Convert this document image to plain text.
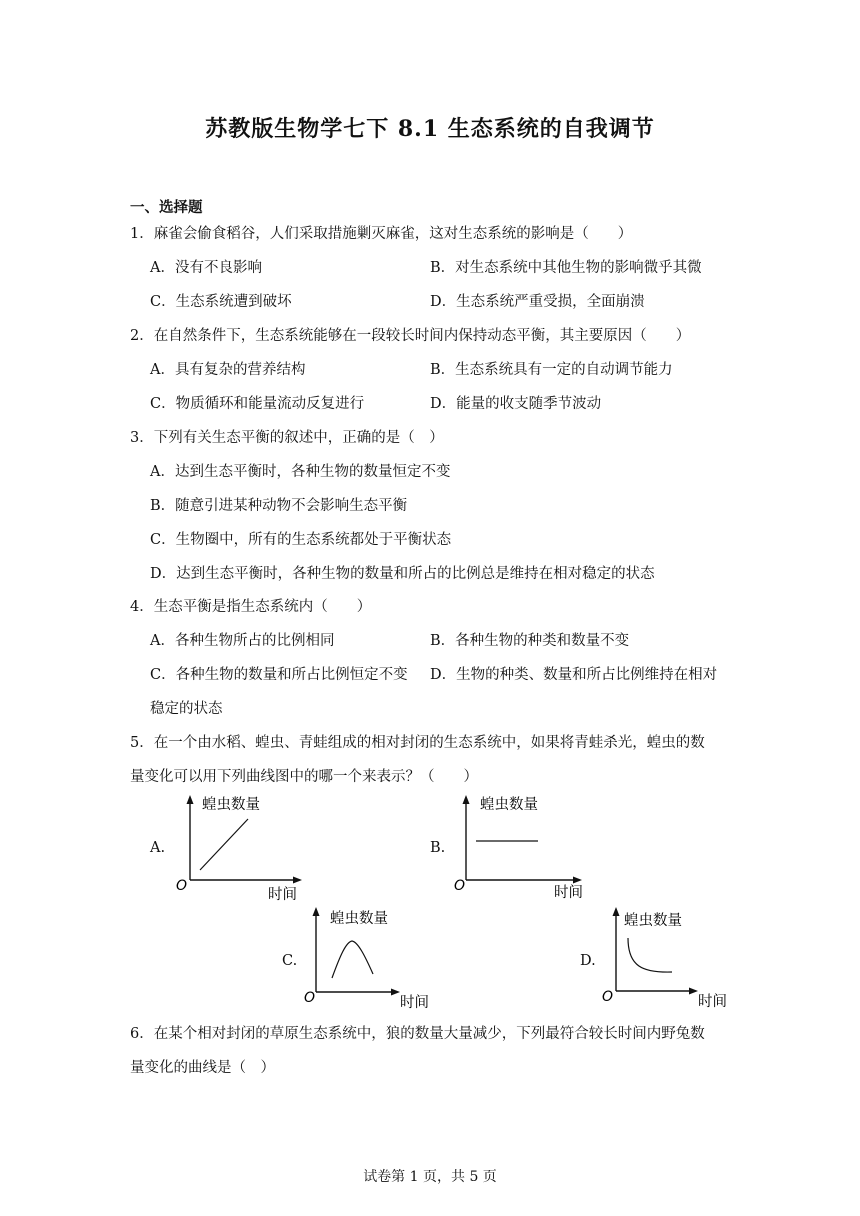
苏教版生物学七下 8.1 生态系统的自我调节
一、选择题
1．麻雀会偷食稻谷，人们采取措施剿灭麻雀，这对生态系统的影响是（　　）
A．没有不良影响	B．对生态系统中其他生物的影响微乎其微
C．生态系统遭到破坏	D．生态系统严重受损，全面崩溃
2．在自然条件下，生态系统能够在一段较长时间内保持动态平衡，其主要原因（　　）
A．具有复杂的营养结构	B．生态系统具有一定的自动调节能力
C．物质循环和能量流动反复进行	D．能量的收支随季节波动
3．下列有关生态平衡的叙述中，正确的是（　）
A．达到生态平衡时，各种生物的数量恒定不变
B．随意引进某种动物不会影响生态平衡
C．生物圈中，所有的生态系统都处于平衡状态
D．达到生态平衡时，各种生物的数量和所占的比例总是维持在相对稳定的状态
4．生态平衡是指生态系统内（　　）
A．各种生物所占的比例相同	B．各种生物的种类和数量不变
C．各种生物的数量和所占比例恒定不变 D．生物的种类、数量和所占比例维持在相对
稳定的状态
5．在一个由水稻、蝗虫、青蛙组成的相对封闭的生态系统中，如果将青蛙杀光，蝗虫的数
量变化可以用下列曲线图中的哪一个来表示？（　　）
A.
蝗虫数量
O
时间
B.
蝗虫数量
O	时间
C.
蝗虫数量
O	时间
D.
蝗虫数量
O	时间
6．在某个相对封闭的草原生态系统中，狼的数量大量减少，下列最符合较长时间内野兔数
量变化的曲线是（　）
试卷第 1 页，共 5 页
